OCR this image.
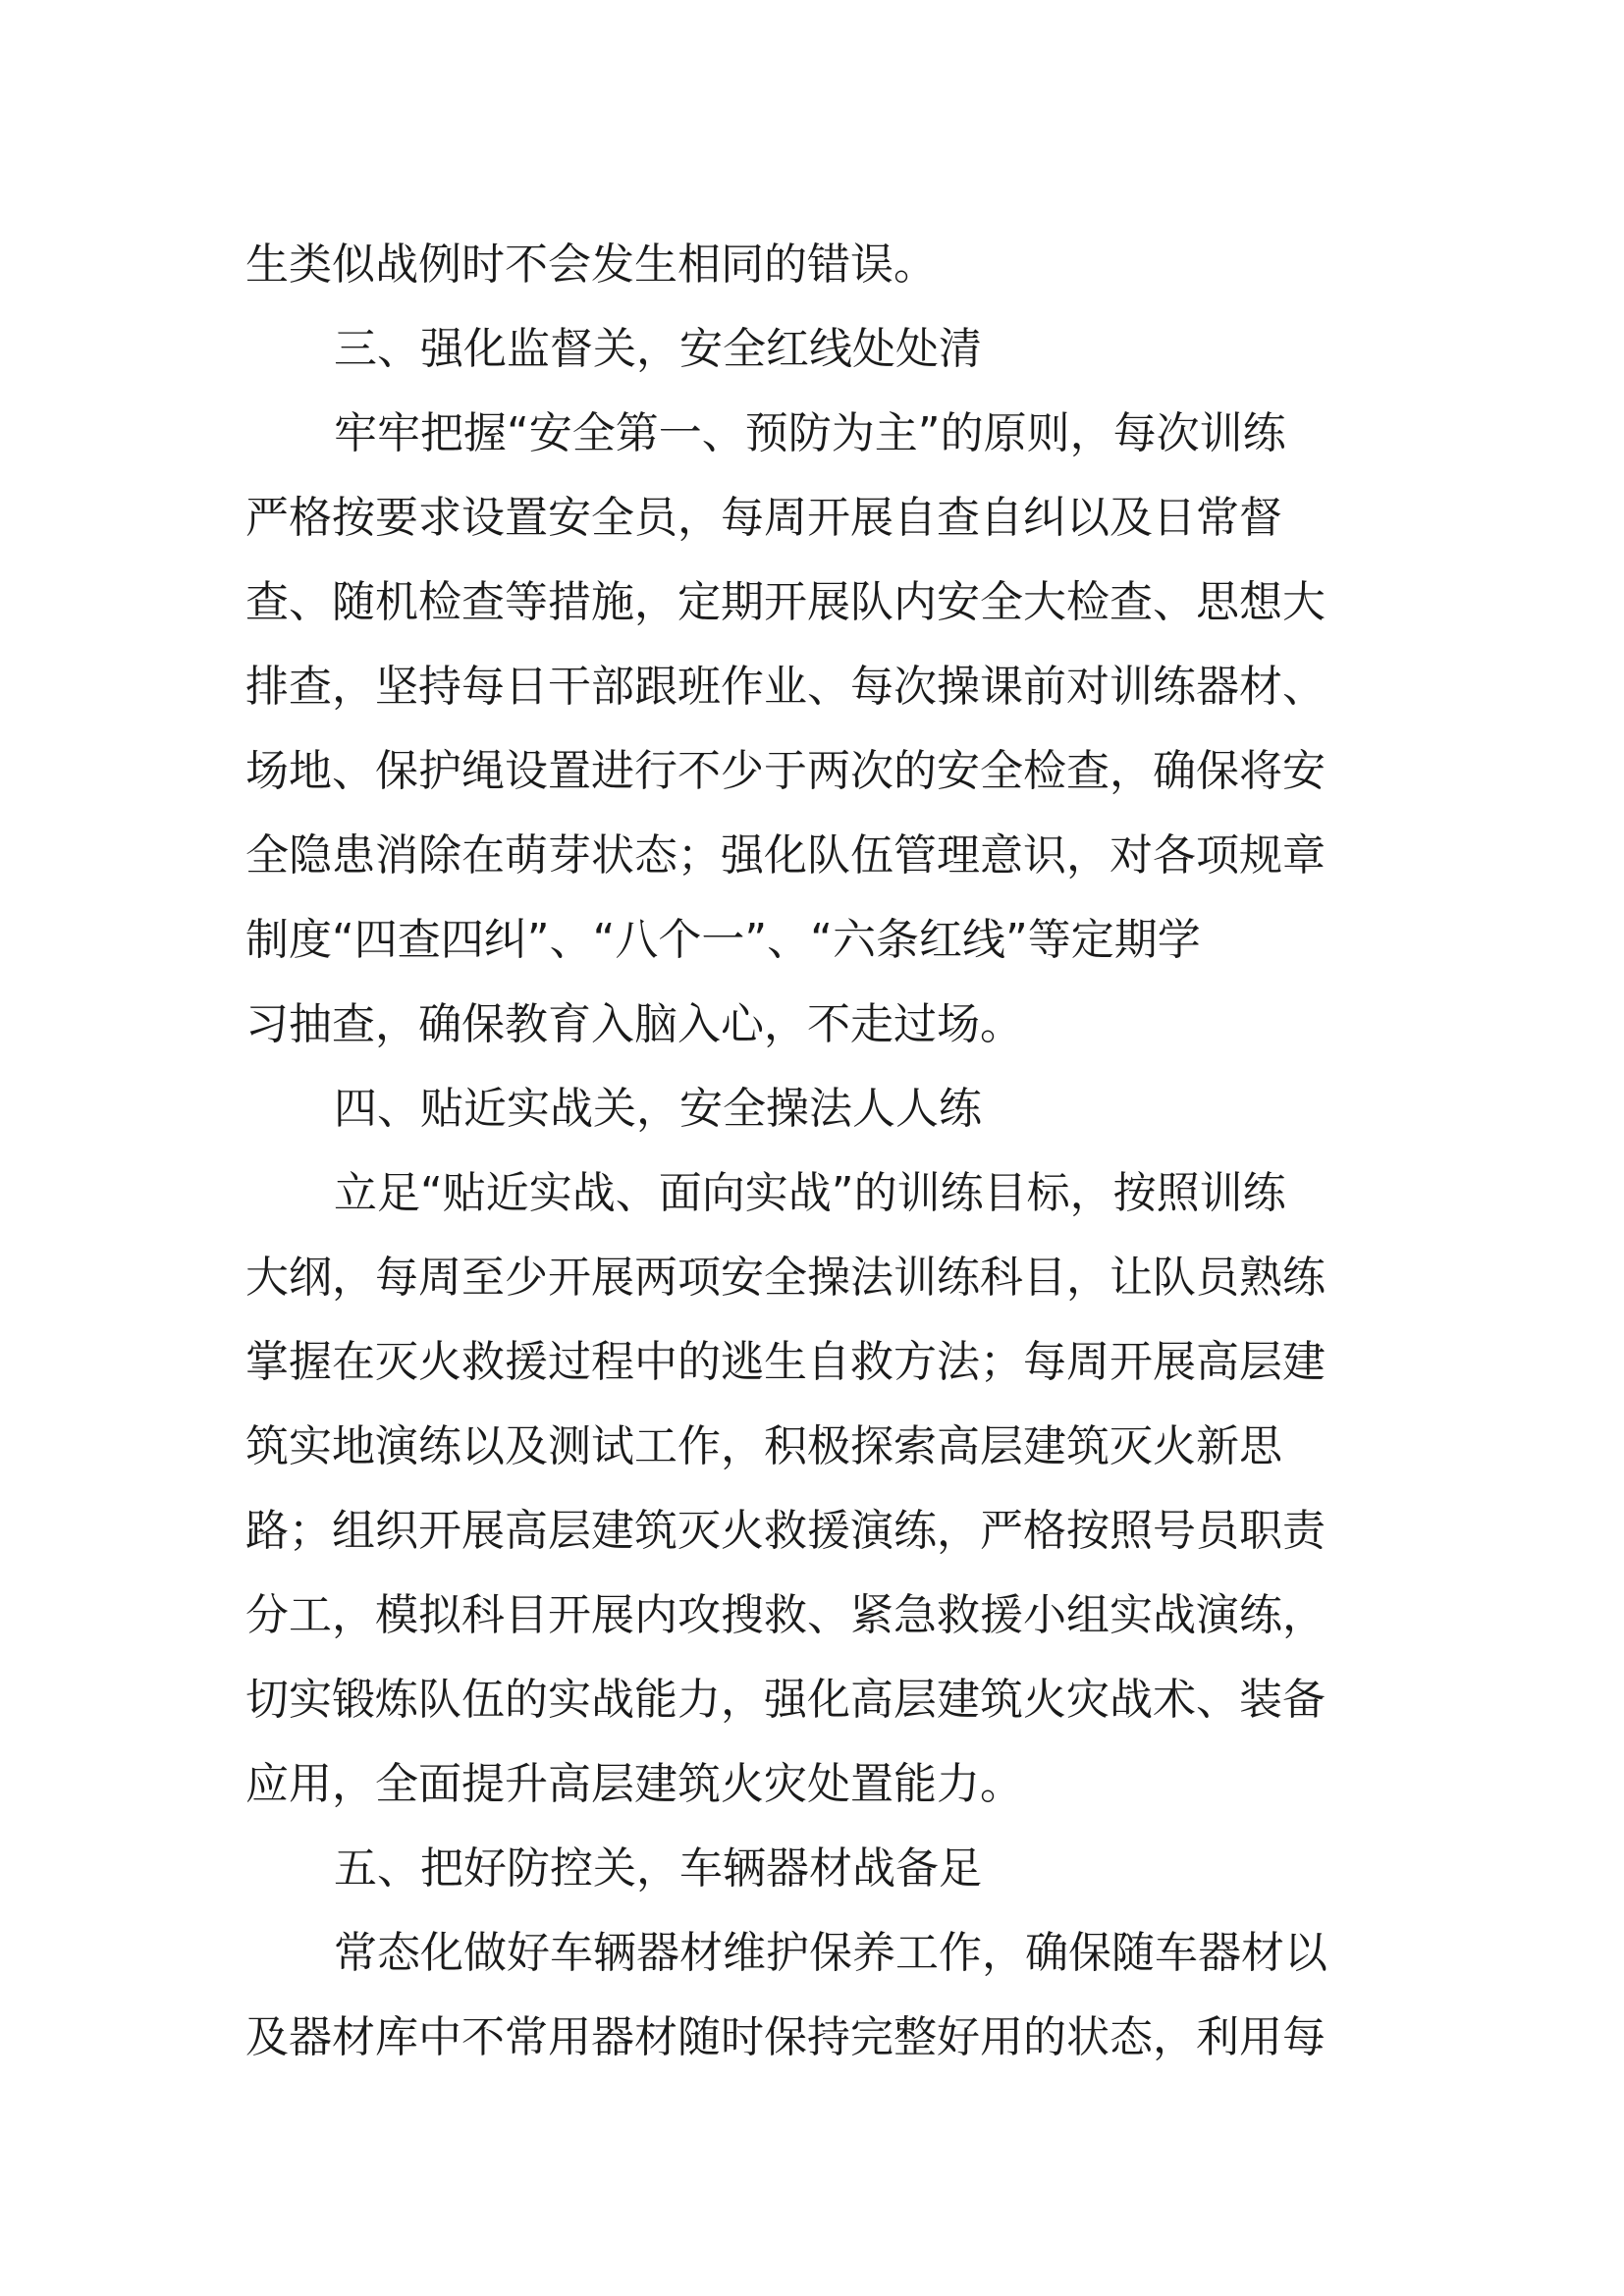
生类似战例时不会发生相同的错误。
三、强化监督关，安全红线处处清
牢牢把握“安全第一、预防为主”的原则，每次训练
严格按要求设置安全员，每周开展自查自纠以及日常督
查、随机检查等措施，定期开展队内安全大检查、思想大
排查，坚持每日干部跟班作业、每次操课前对训练器材、
场地、保护绳设置进行不少于两次的安全检查，确保将安
全隐患消除在萌芽状态；强化队伍管理意识，对各项规章
制度“四查四纠”、“八个一”、“六条红线”等定期学
习抽查，确保教育入脑入心，不走过场。
四、贴近实战关，安全操法人人练
立足“贴近实战、面向实战”的训练目标，按照训练
大纲，每周至少开展两项安全操法训练科目，让队员熟练
掌握在灭火救援过程中的逃生自救方法；每周开展高层建
筑实地演练以及测试工作，积极探索高层建筑灭火新思
路；组织开展高层建筑灭火救援演练，严格按照号员职责
分工，模拟科目开展内攻搜救、紧急救援小组实战演练，
切实锻炼队伍的实战能力，强化高层建筑火灾战术、装备
应用，全面提升高层建筑火灾处置能力。
五、把好防控关，车辆器材战备足
常态化做好车辆器材维护保养工作，确保随车器材以
及器材库中不常用器材随时保持完整好用的状态，利用每
